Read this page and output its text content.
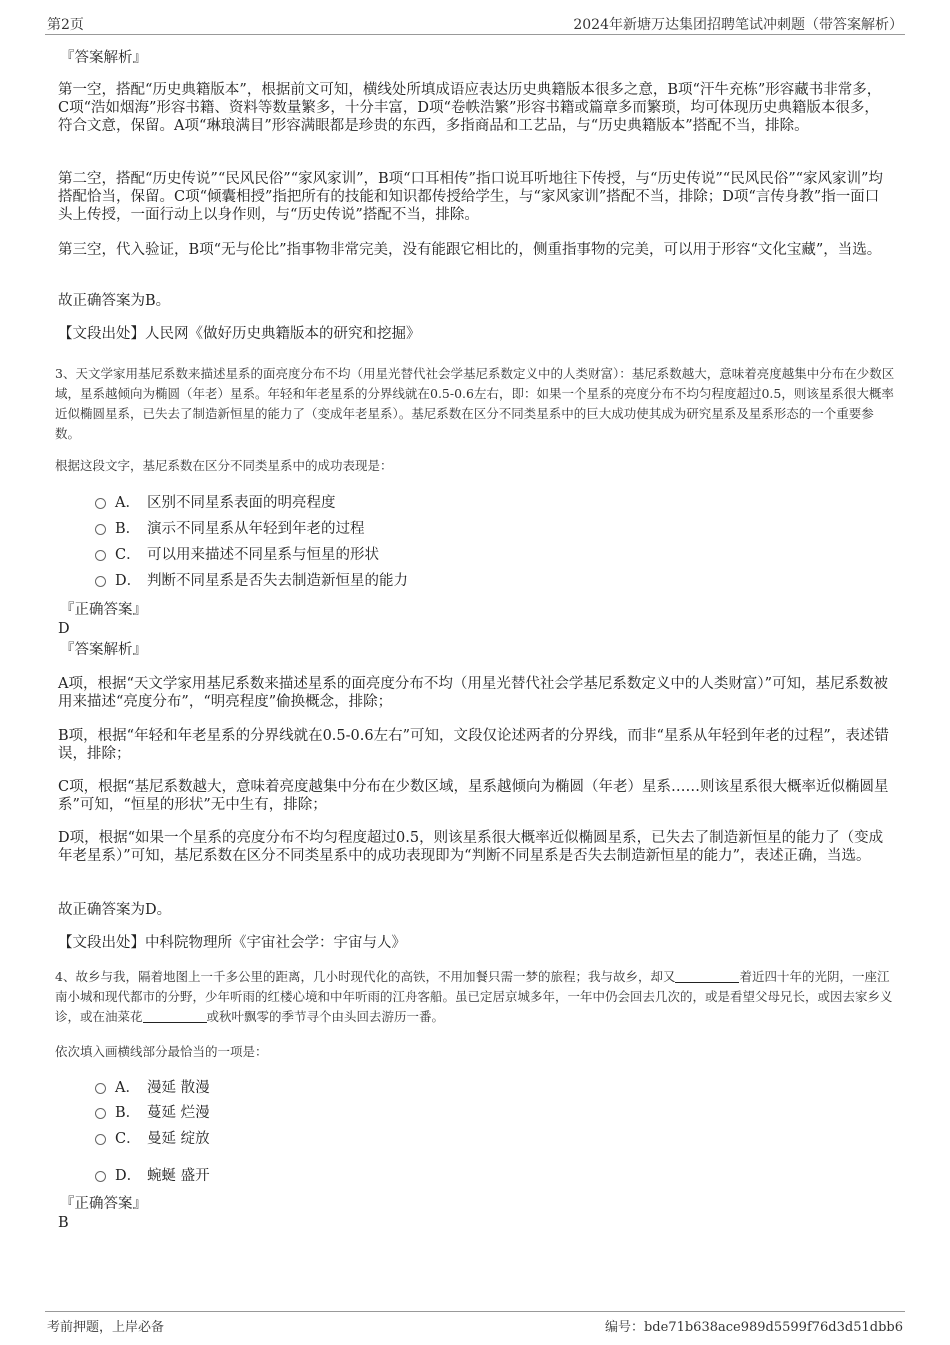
第2页	2024年新塘万达集团招聘笔试冲刺题（带答案解析）
『答案解析』
第一空，搭配“历史典籍版本”，根据前文可知，横线处所填成语应表达历史典籍版本很多之意，B项“汗牛充栋”形容藏书非常多，C项“浩如烟海”形容书籍、资料等数量繁多，十分丰富，D项“卷帙浩繁”形容书籍或篇章多而繁琐，均可体现历史典籍版本很多，符合文意，保留。A项“琳琅满目”形容满眼都是珍贵的东西，多指商品和工艺品，与“历史典籍版本”搭配不当，排除。
第二空，搭配“历史传说”“民风民俗”“家风家训”，B项“口耳相传”指口说耳听地往下传授，与“历史传说”“民风民俗”“家风家训”均搭配恰当，保留。C项“倾囊相授”指把所有的技能和知识都传授给学生，与“家风家训”搭配不当，排除；D项“言传身教”指一面口头上传授，一面行动上以身作则，与“历史传说”搭配不当，排除。
第三空，代入验证，B项“无与伦比”指事物非常完美，没有能跟它相比的，侧重指事物的完美，可以用于形容“文化宝藏”，当选。
故正确答案为B。
【文段出处】人民网《做好历史典籍版本的研究和挖掘》
3、天文学家用基尼系数来描述星系的面亮度分布不均（用星光替代社会学基尼系数定义中的人类财富）：基尼系数越大，意味着亮度越集中分布在少数区域，星系越倾向为椭圆（年老）星系。年轻和年老星系的分界线就在0.5-0.6左右，即：如果一个星系的亮度分布不均匀程度超过0.5，则该星系很大概率近似椭圆星系，已失去了制造新恒星的能力了（变成年老星系）。基尼系数在区分不同类星系中的巨大成功使其成为研究星系及星系形态的一个重要参数。
根据这段文字，基尼系数在区分不同类星系中的成功表现是：
A． 区别不同星系表面的明亮程度
B． 演示不同星系从年轻到年老的过程
C． 可以用来描述不同星系与恒星的形状
D． 判断不同星系是否失去制造新恒星的能力
『正确答案』
D
『答案解析』
A项，根据“天文学家用基尼系数来描述星系的面亮度分布不均（用星光替代社会学基尼系数定义中的人类财富）”可知，基尼系数被用来描述“亮度分布”，“明亮程度”偷换概念，排除；
B项，根据“年轻和年老星系的分界线就在0.5-0.6左右”可知，文段仅论述两者的分界线，而非“星系从年轻到年老的过程”，表述错误，排除；
C项，根据“基尼系数越大，意味着亮度越集中分布在少数区域，星系越倾向为椭圆（年老）星系……则该星系很大概率近似椭圆星系”可知，“恒星的形状”无中生有，排除；
D项，根据“如果一个星系的亮度分布不均匀程度超过0.5，则该星系很大概率近似椭圆星系，已失去了制造新恒星的能力了（变成年老星系）”可知，基尼系数在区分不同类星系中的成功表现即为“判断不同星系是否失去制造新恒星的能力”，表述正确，当选。
故正确答案为D。
【文段出处】中科院物理所《宇宙社会学：宇宙与人》
4、故乡与我，隔着地图上一千多公里的距离，几小时现代化的高铁，不用加餐只需一梦的旅程；我与故乡，却又	着近四十年的光阴，一座江南小城和现代都市的分野，少年听雨的红楼心境和中年听雨的江舟客船。虽已定居京城多年，一年中仍会回去几次的，或是看望父母兄长，或因去家乡义诊，或在油菜花	或秋叶飘零的季节寻个由头回去游历一番。
依次填入画横线部分最恰当的一项是：
A． 漫延 散漫
B． 蔓延 烂漫
C． 曼延 绽放
D． 蜿蜒 盛开
『正确答案』
B
考前押题，上岸必备	编号：bde71b638ace989d5599f76d3d51dbb6
